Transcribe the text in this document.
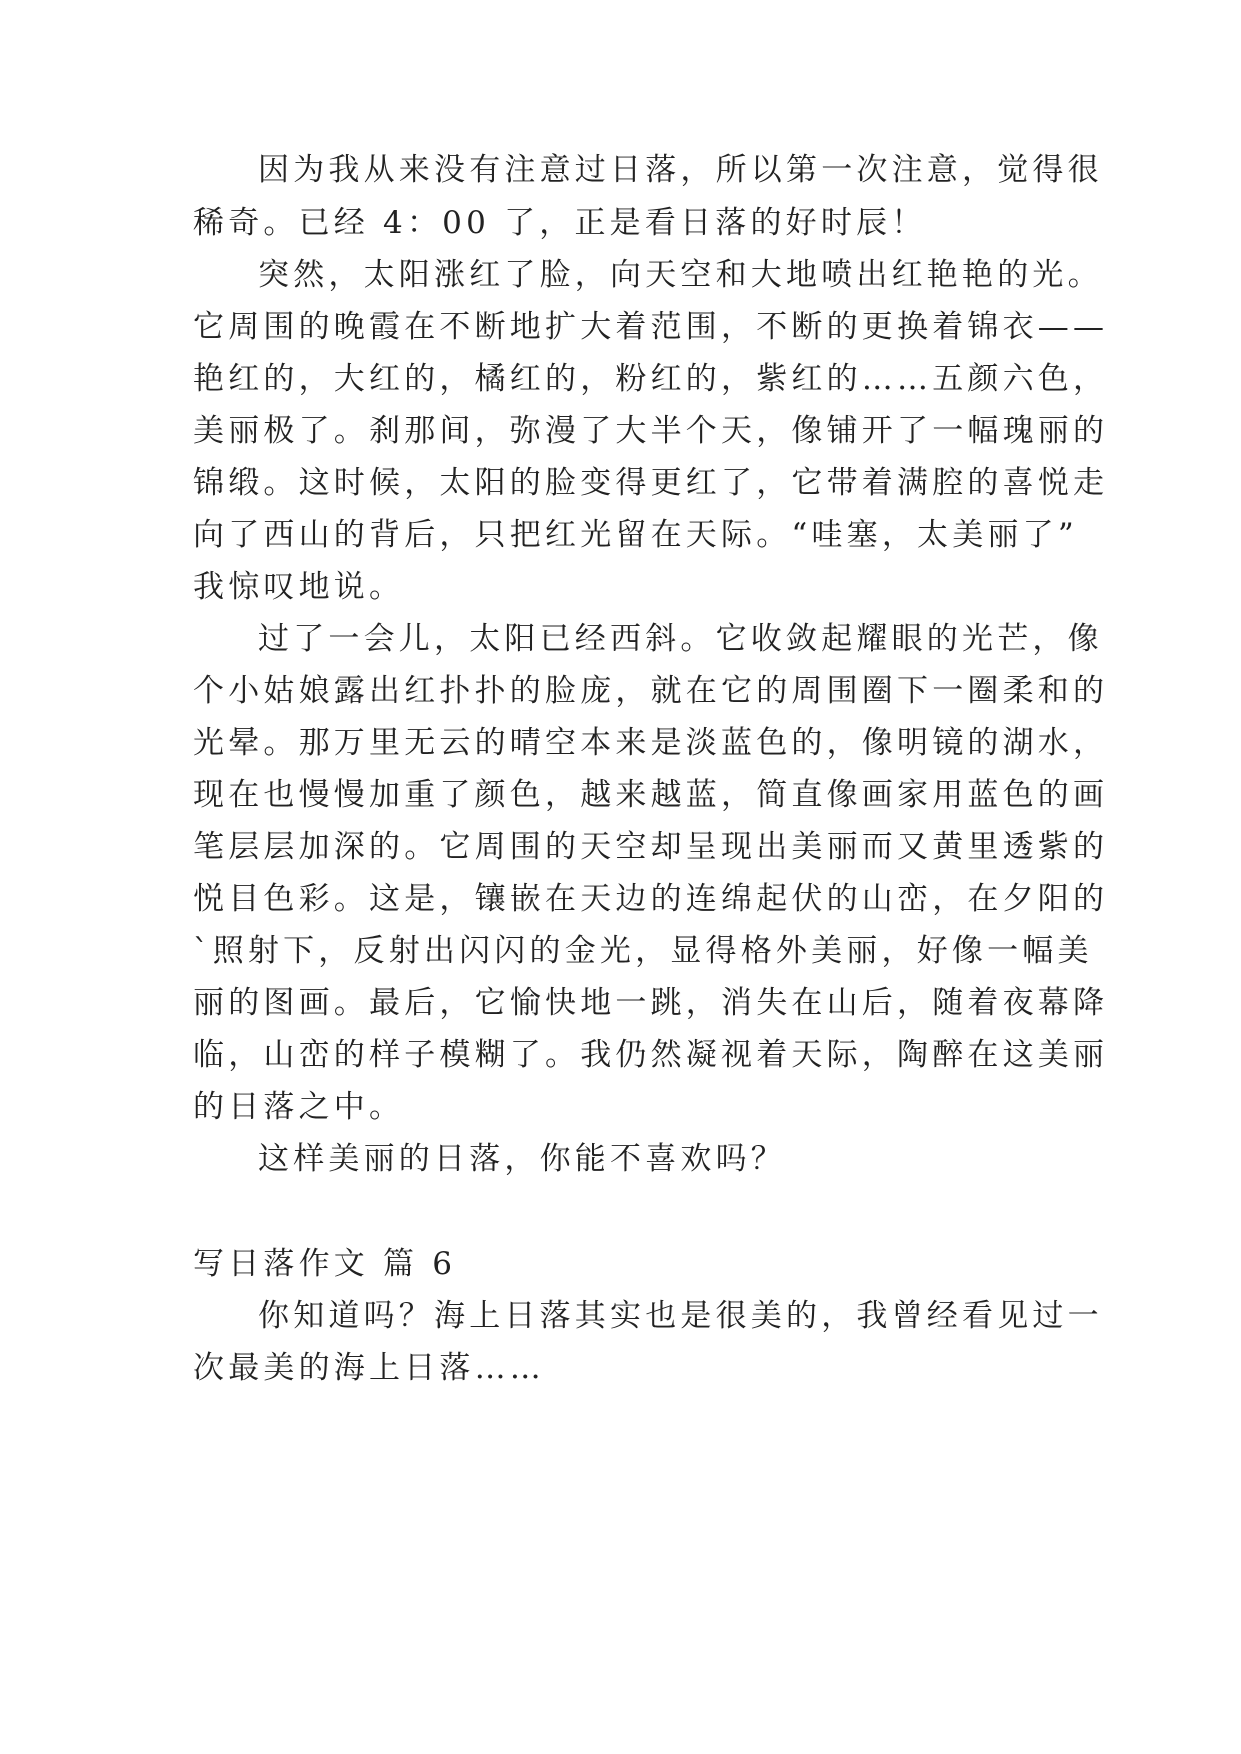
因为我从来没有注意过日落，所以第一次注意，觉得很
稀奇。已经 4：00 了，正是看日落的好时辰！
突然，太阳涨红了脸，向天空和大地喷出红艳艳的光。
它周围的晚霞在不断地扩大着范围，不断的更换着锦衣——
艳红的，大红的，橘红的，粉红的，紫红的……五颜六色，
美丽极了。刹那间，弥漫了大半个天，像铺开了一幅瑰丽的
锦缎。这时候，太阳的脸变得更红了，它带着满腔的喜悦走
向了西山的背后，只把红光留在天际。“哇塞，太美丽了”
我惊叹地说。
过了一会儿，太阳已经西斜。它收敛起耀眼的光芒，像
个小姑娘露出红扑扑的脸庞，就在它的周围圈下一圈柔和的
光晕。那万里无云的晴空本来是淡蓝色的，像明镜的湖水，
现在也慢慢加重了颜色，越来越蓝，简直像画家用蓝色的画
笔层层加深的。它周围的天空却呈现出美丽而又黄里透紫的
悦目色彩。这是，镶嵌在天边的连绵起伏的山峦，在夕阳的
`照射下，反射出闪闪的金光，显得格外美丽，好像一幅美
丽的图画。最后，它愉快地一跳，消失在山后，随着夜幕降
临，山峦的样子模糊了。我仍然凝视着天际，陶醉在这美丽
的日落之中。
这样美丽的日落，你能不喜欢吗？
写日落作文 篇 6
你知道吗？海上日落其实也是很美的，我曾经看见过一
次最美的海上日落……
